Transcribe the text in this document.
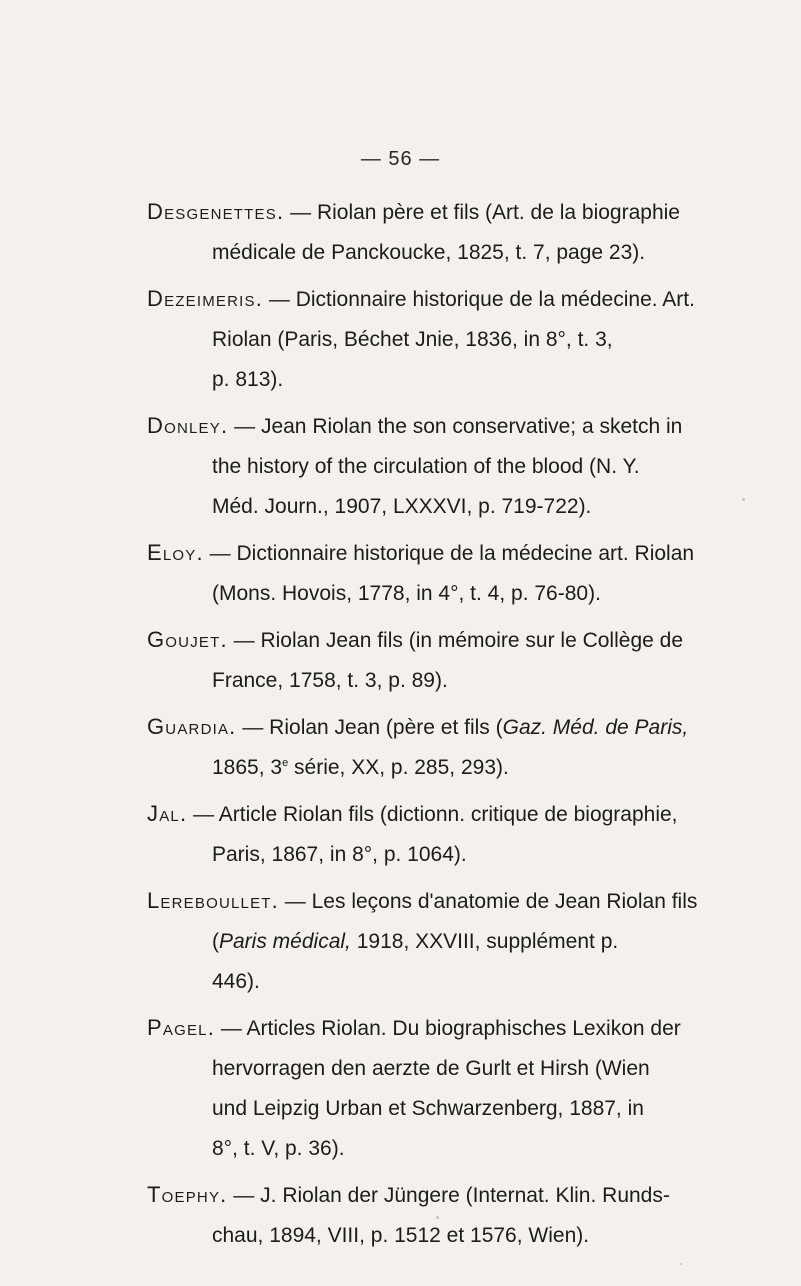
— 56 —
Desgenettes. — Riolan père et fils (Art. de la biographie
médicale de Panckoucke, 1825, t. 7, page 23).
Dezeimeris. — Dictionnaire historique de la médecine. Art.
Riolan (Paris, Béchet Jnie, 1836, in 8°, t. 3,
p. 813).
Donley. — Jean Riolan the son conservative; a sketch in
the history of the circulation of the blood (N. Y.
Méd. Journ., 1907, LXXXVI, p. 719-722).
Eloy. — Dictionnaire historique de la médecine art. Riolan
(Mons. Hovois, 1778, in 4°, t. 4, p. 76-80).
Goujet. — Riolan Jean fils (in mémoire sur le Collège de
France, 1758, t. 3, p. 89).
Guardia. — Riolan Jean (père et fils (Gaz. Méd. de Paris,
1865, 3e série, XX, p. 285, 293).
Jal. — Article Riolan fils (dictionn. critique de biographie,
Paris, 1867, in 8°, p. 1064).
Lereboullet. — Les leçons d'anatomie de Jean Riolan fils
(Paris médical, 1918, XXVIII, supplément p.
446).
Pagel. — Articles Riolan. Du biographisches Lexikon der
hervorragen den aerzte de Gurlt et Hirsh (Wien
und Leipzig Urban et Schwarzenberg, 1887, in
8°, t. V, p. 36).
Toephy. — J. Riolan der Jüngere (Internat. Klin. Runds-
chau, 1894, VIII, p. 1512 et 1576, Wien).
